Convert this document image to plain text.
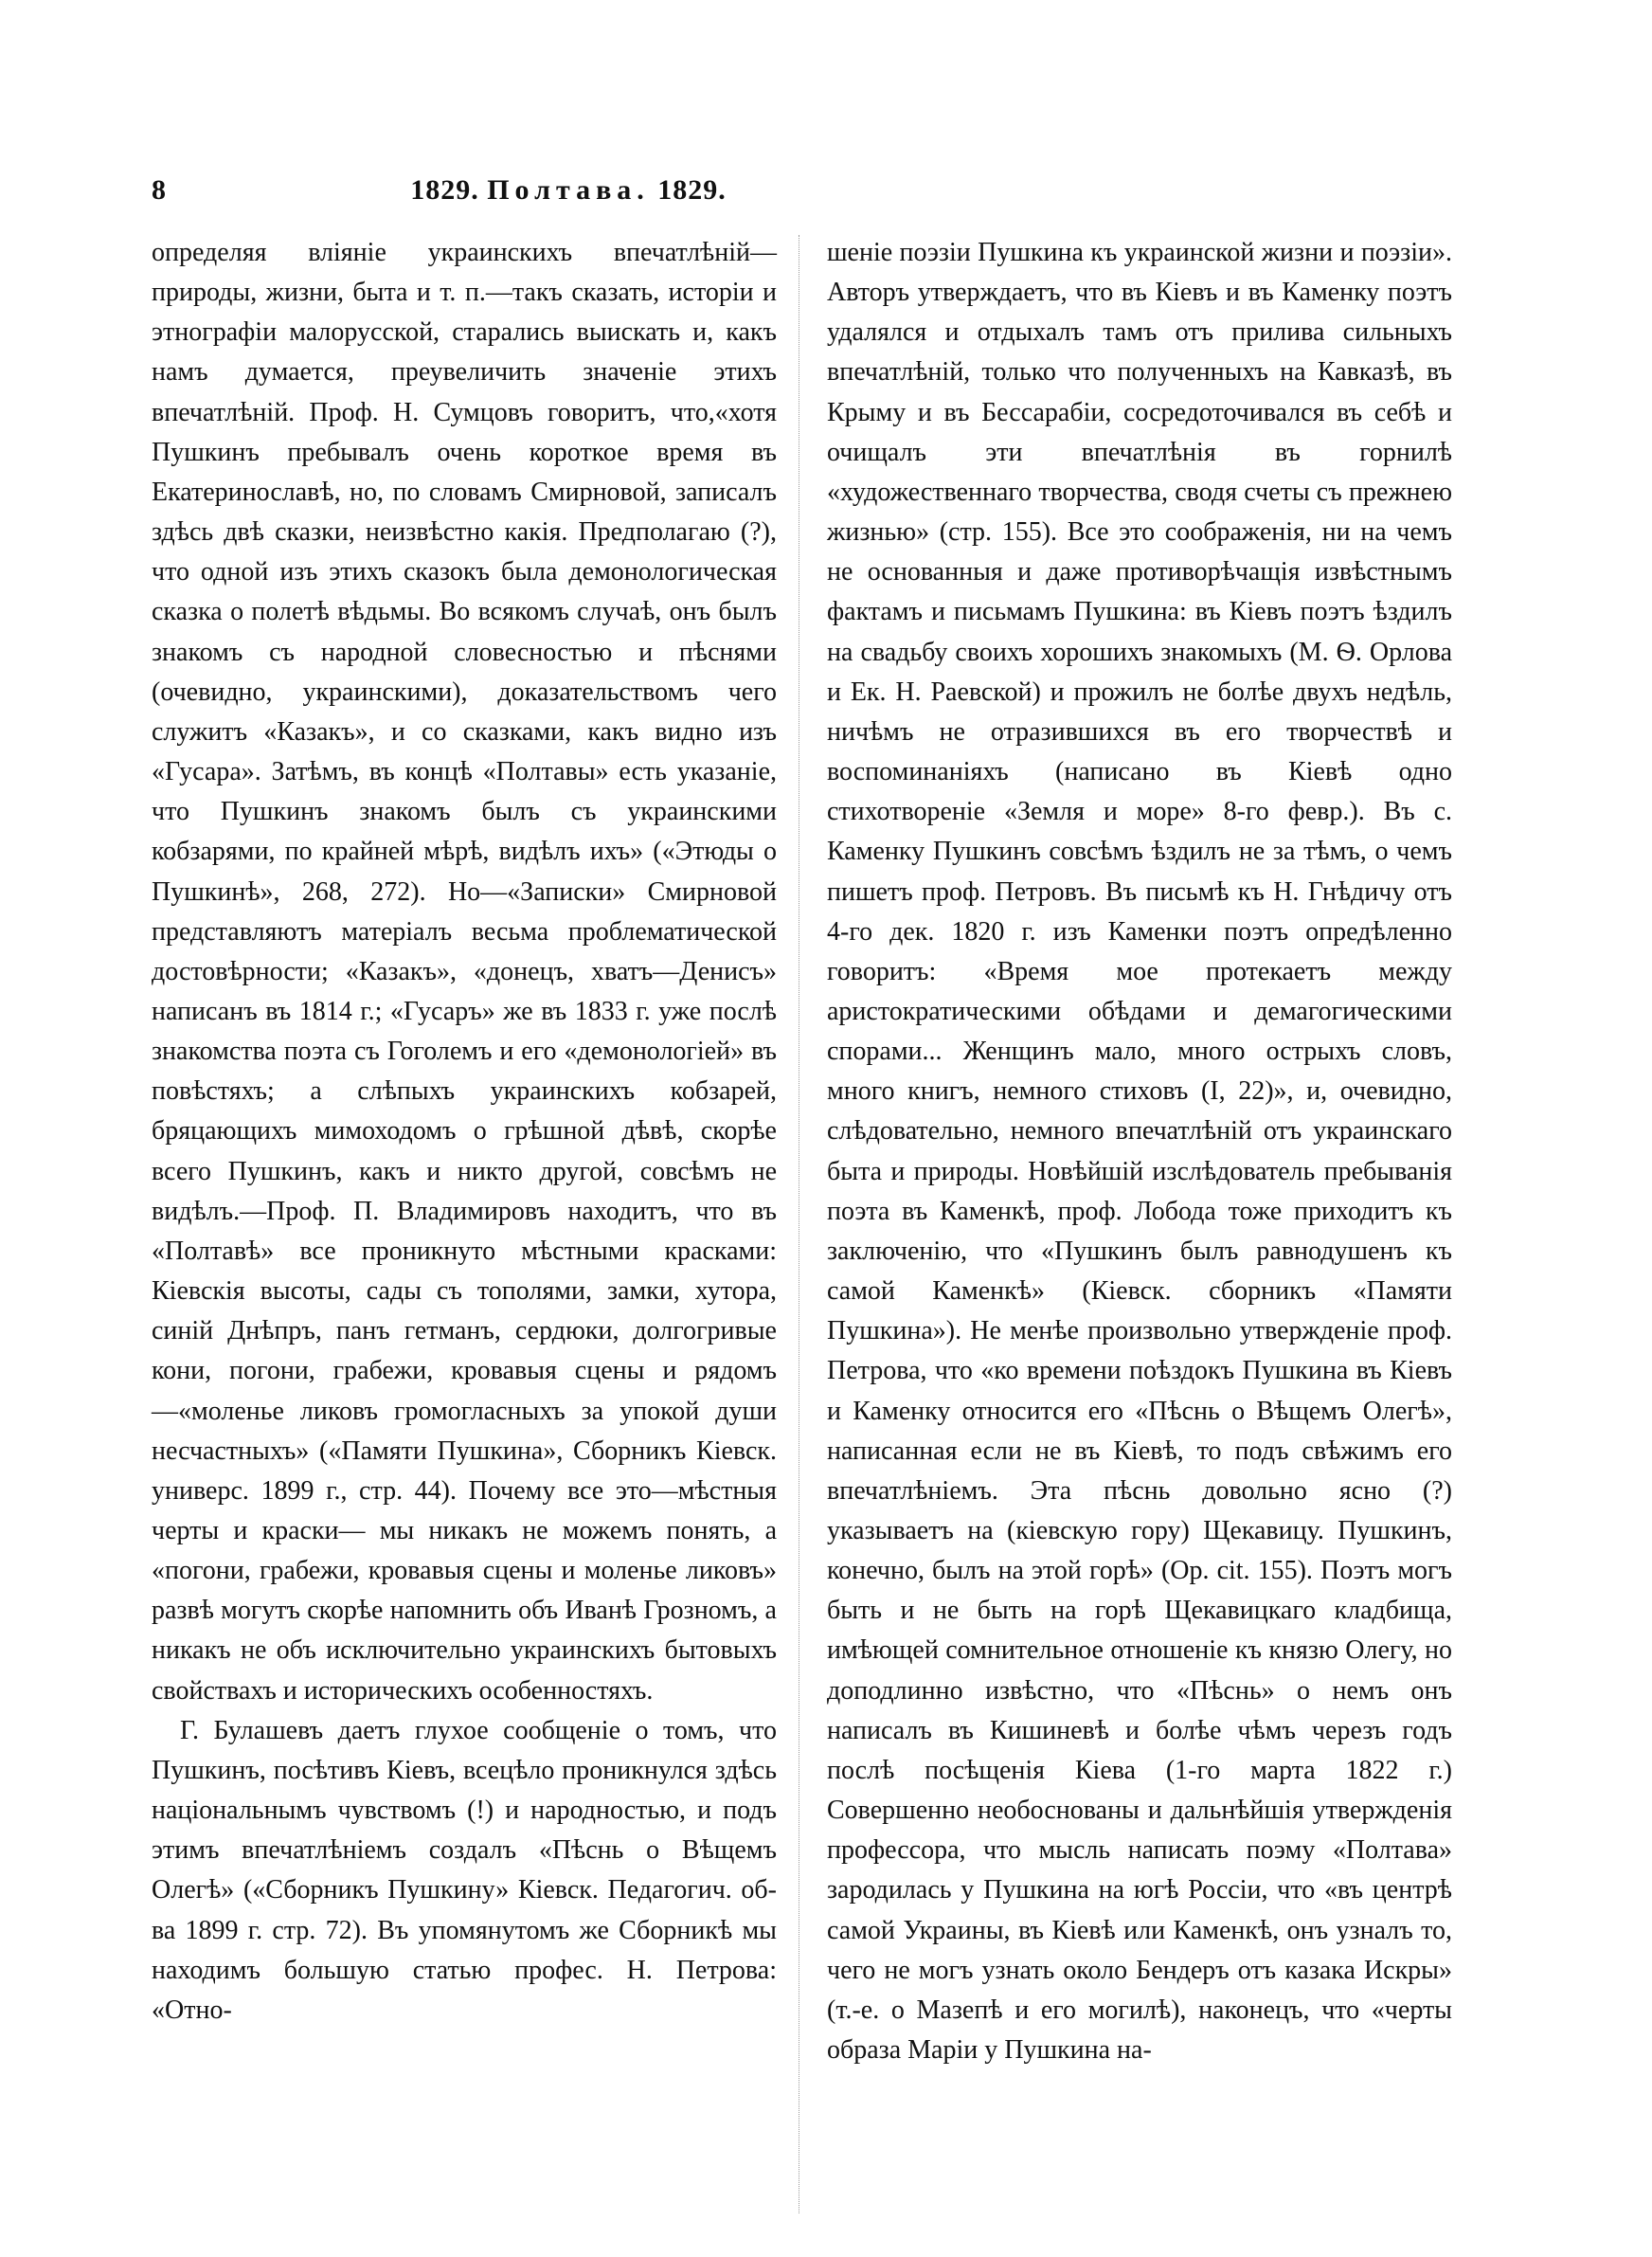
8	1829. Полтава. 1829.

определяя влiянiе украинскихъ впечатлѣнiй—природы, жизни, быта и т. п.—такъ сказать, исторiи и этнографiи малорусской, старались выискать и, какъ намъ думается, преувеличить значенiе этихъ впечатлѣнiй. Проф. Н. Сумцовъ говоритъ, что,«хотя Пушкинъ пребывалъ очень короткое время въ Екатеринославѣ, но, по словамъ Смирновой, записалъ здѣсь двѣ сказки, неизвѣстно какiя. Предполагаю (?), что одной изъ этихъ сказокъ была демонологическая сказка о полетѣ вѣдьмы. Во всякомъ случаѣ, онъ былъ знакомъ съ народной словесностью и пѣснями (очевидно, украинскими), доказательствомъ чего служитъ «Казакъ», и со сказками, какъ видно изъ «Гусара». Затѣмъ, въ концѣ «Полтавы» есть указанiе, что Пушкинъ знакомъ былъ съ украинскими кобзарями, по крайней мѣрѣ, видѣлъ ихъ» («Этюды о Пушкинѣ», 268, 272). Но—«Записки» Смирновой представляютъ матерiалъ весьма проблематической достовѣрности; «Казакъ», «донецъ, хватъ—Денисъ» написанъ въ 1814 г.; «Гусаръ» же въ 1833 г. уже послѣ знакомства поэта съ Гоголемъ и его «демонологiей» въ повѣстяхъ; а слѣпыхъ украинскихъ кобзарей, бряцающихъ мимоходомъ о грѣшной дѣвѣ, скорѣе всего Пушкинъ, какъ и никто другой, совсѣмъ не видѣлъ.—Проф. П. Владимировъ находитъ, что въ «Полтавѣ» все проникнуто мѣстными красками: Кiевскiя высоты, сады съ тополями, замки, хутора, синiй Днѣпръ, панъ гетманъ, сердюки, долгогривые кони, погони, грабежи, кровавыя сцены и рядомъ—«моленье ликовъ громогласныхъ за упокой души несчастныхъ» («Памяти Пушкина», Сборникъ Кiевск. универс. 1899 г., стр. 44). Почему все это—мѣстныя черты и краски— мы никакъ не можемъ понять, а «погони, грабежи, кровавыя сцены и моленье ликовъ» развѣ могутъ скорѣе напомнить объ Иванѣ Грозномъ, а никакъ не объ исключительно украинскихъ бытовыхъ свойствахъ и историческихъ особенностяхъ.

Г. Булашевъ даетъ глухое сообщенiе о томъ, что Пушкинъ, посѣтивъ Кiевъ, всецѣло проникнулся здѣсь нацiональнымъ чувствомъ (!) и народностью, и подъ этимъ впечатлѣнiемъ создалъ «Пѣснь о Вѣщемъ Олегѣ» («Сборникъ Пушкину» Кiевск. Педагогич. об-ва 1899 г. стр. 72). Въ упомянутомъ же Сборникѣ мы находимъ большую статью профес. Н. Петрова: «Отно-

шенiе поэзiи Пушкина къ украинской жизни и поэзiи». Авторъ утверждаетъ, что въ Кiевъ и въ Каменку поэтъ удалялся и отдыхалъ тамъ отъ прилива сильныхъ впечатлѣнiй, только что полученныхъ на Кавказѣ, въ Крыму и въ Бессарабiи, сосредоточивался въ себѣ и очищалъ эти впечатлѣнiя въ горнилѣ «художественнаго творчества, сводя счеты съ прежнею жизнью» (стр. 155). Все это соображенiя, ни на чемъ не основанныя и даже противорѣчащiя извѣстнымъ фактамъ и письмамъ Пушкина: въ Кiевъ поэтъ ѣздилъ на свадьбу своихъ хорошихъ знакомыхъ (М. Ѳ. Орлова и Ек. Н. Раевской) и прожилъ не болѣе двухъ недѣль, ничѣмъ не отразившихся въ его творчествѣ и воспоминанiяхъ (написано въ Кiевѣ одно стихотворенiе «Земля и море» 8-го февр.). Въ с. Каменку Пушкинъ совсѣмъ ѣздилъ не за тѣмъ, о чемъ пишетъ проф. Петровъ. Въ письмѣ къ Н. Гнѣдичу отъ 4-го дек. 1820 г. изъ Каменки поэтъ опредѣленно говоритъ: «Время мое протекаетъ между аристократическими обѣдами и демагогическими спорами... Женщинъ мало, много острыхъ словъ, много книгъ, немного стиховъ (I, 22)», и, очевидно, слѣдовательно, немного впечатлѣнiй отъ украинскаго быта и природы. Новѣйшiй изслѣдователь пребыванiя поэта въ Каменкѣ, проф. Лобода тоже приходитъ къ заключенiю, что «Пушкинъ былъ равнодушенъ къ самой Каменкѣ» (Кiевск. сборникъ «Памяти Пушкина»). Не менѣе произвольно утвержденiе проф. Петрова, что «ко времени поѣздокъ Пушкина въ Кiевъ и Каменку относится его «Пѣснь о Вѣщемъ Олегѣ», написанная если не въ Кiевѣ, то подъ свѣжимъ его впечатлѣнiемъ. Эта пѣснь довольно ясно (?) указываетъ на (кiевскую гору) Щекавицу. Пушкинъ, конечно, былъ на этой горѣ» (Op. cit. 155). Поэтъ могъ быть и не быть на горѣ Щекавицкаго кладбища, имѣющей сомнительное отношенiе къ князю Олегу, но доподлинно извѣстно, что «Пѣснь» о немъ онъ написалъ въ Кишиневѣ и болѣе чѣмъ черезъ годъ послѣ посѣщенiя Кiева (1-го марта 1822 г.) Совершенно необоснованы и дальнѣйшiя утвержденiя профессора, что мысль написать поэму «Полтава» зародилась у Пушкина на югѣ Россiи, что «въ центрѣ самой Украины, въ Кiевѣ или Каменкѣ, онъ узналъ то, чего не могъ узнать около Бендеръ отъ казака Искры» (т.-е. о Мазепѣ и его могилѣ), наконецъ, что «черты образа Марiи у Пушкина на-
